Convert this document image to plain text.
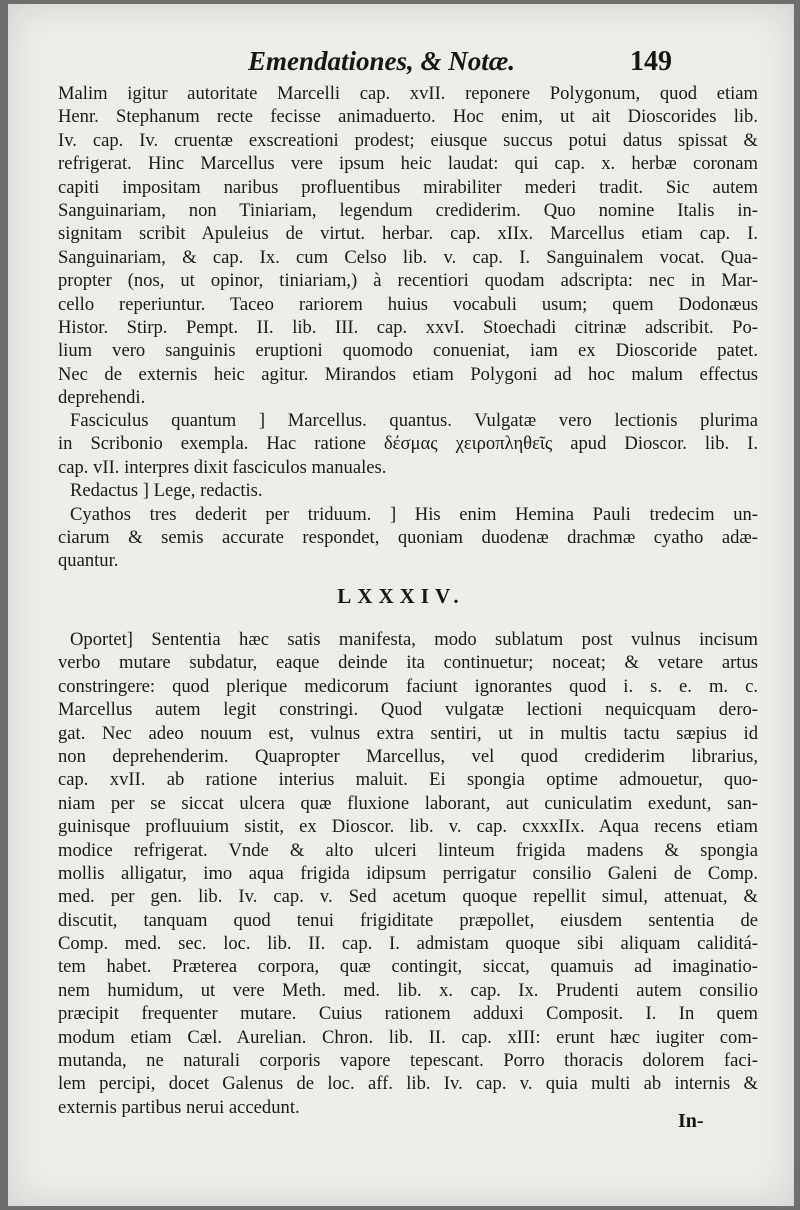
Emendationes, & Notæ.	149
Malim igitur autoritate Marcelli cap. xvII. reponere Polygonum, quod etiam
Henr. Stephanum recte fecisse animaduerto. Hoc enim, ut ait Dioscorides lib.
Iv. cap. Iv. cruentæ exscreationi prodest; eiusque succus potui datus spissat &
refrigerat. Hinc Marcellus vere ipsum heic laudat: qui cap. x. herbæ coronam
capiti impositam naribus profluentibus mirabiliter mederi tradit. Sic autem
Sanguinariam, non Tiniariam, legendum crediderim. Quo nomine Italis in-
signitam scribit Apuleius de virtut. herbar. cap. xIIx. Marcellus etiam cap. I.
Sanguinariam, & cap. Ix. cum Celso lib. v. cap. I. Sanguinalem vocat. Qua-
propter (nos, ut opinor, tiniariam,) à recentiori quodam adscripta: nec in Mar-
cello reperiuntur. Taceo rariorem huius vocabuli usum; quem Dodonæus
Histor. Stirp. Pempt. II. lib. III. cap. xxvI. Stoechadi citrinæ adscribit. Po-
lium vero sanguinis eruptioni quomodo conueniat, iam ex Dioscoride patet.
Nec de externis heic agitur. Mirandos etiam Polygoni ad hoc malum effectus
deprehendi.
Fasciculus quantum ] Marcellus. quantus. Vulgatæ vero lectionis plurima
in Scribonio exempla. Hac ratione δέσμας χειροπληθεῖς apud Dioscor. lib. I.
cap. vII. interpres dixit fasciculos manuales.
Redactus ] Lege, redactis.
Cyathos tres dederit per triduum. ] His enim Hemina Pauli tredecim un-
ciarum & semis accurate respondet, quoniam duodenæ drachmæ cyatho adæ-
quantur.
LXXXIV.
Oportet] Sententia hæc satis manifesta, modo sublatum post vulnus incisum
verbo mutare subdatur, eaque deinde ita continuetur; noceat; & vetare artus
constringere: quod plerique medicorum faciunt ignorantes quod i. s. e. m. c.
Marcellus autem legit constringi. Quod vulgatæ lectioni nequicquam dero-
gat. Nec adeo nouum est, vulnus extra sentiri, ut in multis tactu sæpius id
non deprehenderim. Quapropter Marcellus, vel quod crediderim librarius,
cap. xvII. ab ratione interius maluit. Ei spongia optime admouetur, quo-
niam per se siccat ulcera quæ fluxione laborant, aut cuniculatim exedunt, san-
guinisque profluuium sistit, ex Dioscor. lib. v. cap. cxxxIIx. Aqua recens etiam
modice refrigerat. Vnde & alto ulceri linteum frigida madens & spongia
mollis alligatur, imo aqua frigida idipsum perrigatur consilio Galeni de Comp.
med. per gen. lib. Iv. cap. v. Sed acetum quoque repellit simul, attenuat, &
discutit, tanquam quod tenui frigiditate præpollet, eiusdem sententia de
Comp. med. sec. loc. lib. II. cap. I. admistam quoque sibi aliquam caliditá-
tem habet. Præterea corpora, quæ contingit, siccat, quamuis ad imaginatio-
nem humidum, ut vere Meth. med. lib. x. cap. Ix. Prudenti autem consilio
præcipit frequenter mutare. Cuius rationem adduxi Composit. I. In quem
modum etiam Cæl. Aurelian. Chron. lib. II. cap. xIII: erunt hæc iugiter com-
mutanda, ne naturali corporis vapore tepescant. Porro thoracis dolorem faci-
lem percipi, docet Galenus de loc. aff. lib. Iv. cap. v. quia multi ab internis &
externis partibus nerui accedunt.
In-
